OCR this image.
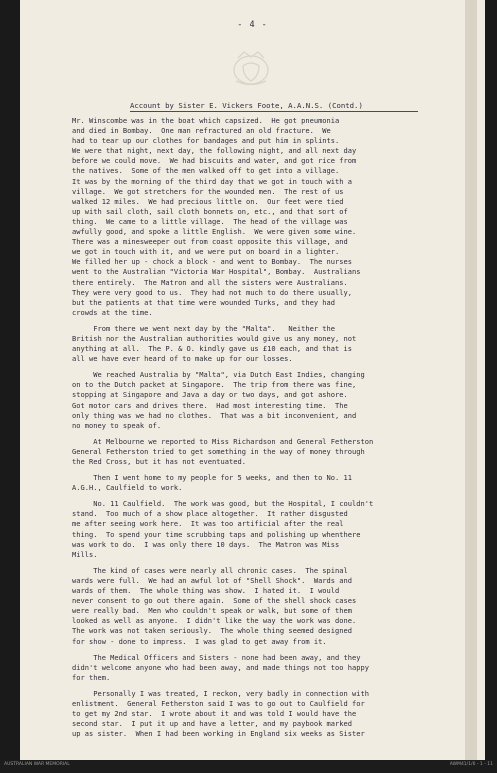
- 4 -
Account by Sister E. Vickers Foote, A.A.N.S. (Contd.)
Mr. Winscombe was in the boat which capsized.  He got pneumonia
and died in Bombay.  One man refractured an old fracture.  We
had to tear up our clothes for bandages and put him in splints.
We were that night, next day, the following night, and all next day
before we could move.  We had biscuits and water, and got rice from
the natives.  Some of the men walked off to get into a village.
It was by the morning of the third day that we got in touch with a
village.  We got stretchers for the wounded men.  The rest of us
walked 12 miles.  We had precious little on.  Our feet were tied
up with sail cloth, sail cloth bonnets on, etc., and that sort of
thing.  We came to a little village.  The head of the village was
awfully good, and spoke a little English.  We were given some wine.
There was a minesweeper out from coast opposite this village, and
we got in touch with it, and we were put on board in a lighter.
We filled her up - chock a block - and went to Bombay.  The nurses
went to the Australian "Victoria War Hospital", Bombay.  Australians
there entirely.  The Matron and all the sisters were Australians.
They were very good to us.  They had not much to do there usually,
but the patients at that time were wounded Turks, and they had
crowds at the time.
From there we went next day by the "Malta".   Neither the
British nor the Australian authorities would give us any money, not
anything at all.  The P. & O. kindly gave us £10 each, and that is
all we have ever heard of to make up for our losses.
We reached Australia by "Malta", via Dutch East Indies, changing
on to the Dutch packet at Singapore.  The trip from there was fine,
stopping at Singapore and Java a day or two days, and got ashore.
Got motor cars and drives there.  Had most interesting time.  The
only thing was we had no clothes.  That was a bit inconvenient, and
no money to speak of.
At Melbourne we reported to Miss Richardson and General Fetherston
General Fetherston tried to get something in the way of money through
the Red Cross, but it has not eventuated.
Then I went home to my people for 5 weeks, and then to No. 11
A.G.H., Caulfield to work.
No. 11 Caulfield.  The work was good, but the Hospital, I couldn't
stand.  Too much of a show place altogether.  It rather disgusted
me after seeing work here.  It was too artificial after the real
thing.  To spend your time scrubbing taps and polishing up whenthere
was work to do.  I was only there 10 days.  The Matron was Miss
Mills.
The kind of cases were nearly all chronic cases.  The spinal
wards were full.  We had an awful lot of "Shell Shock".  Wards and
wards of them.  The whole thing was show.  I hated it.  I would
never consent to go out there again.  Some of the shell shock cases
were really bad.  Men who couldn't speak or walk, but some of them
looked as well as anyone.  I didn't like the way the work was done.
The work was not taken seriously.  The whole thing seemed designed
for show - done to impress.  I was glad to get away from it.
The Medical Officers and Sisters - none had been away, and they
didn't welcome anyone who had been away, and made things not too happy
for them.
Personally I was treated, I reckon, very badly in connection with
enlistment.  General Fetherston said I was to go out to Caulfield for
to get my 2nd star.  I wrote about it and was told I would have the
second star.  I put it up and have a letter, and my paybook marked
up as sister.  When I had been working in England six weeks as Sister
AUSTRALIAN WAR MEMORIAL	AWM41/1/6 - 1 - 11
